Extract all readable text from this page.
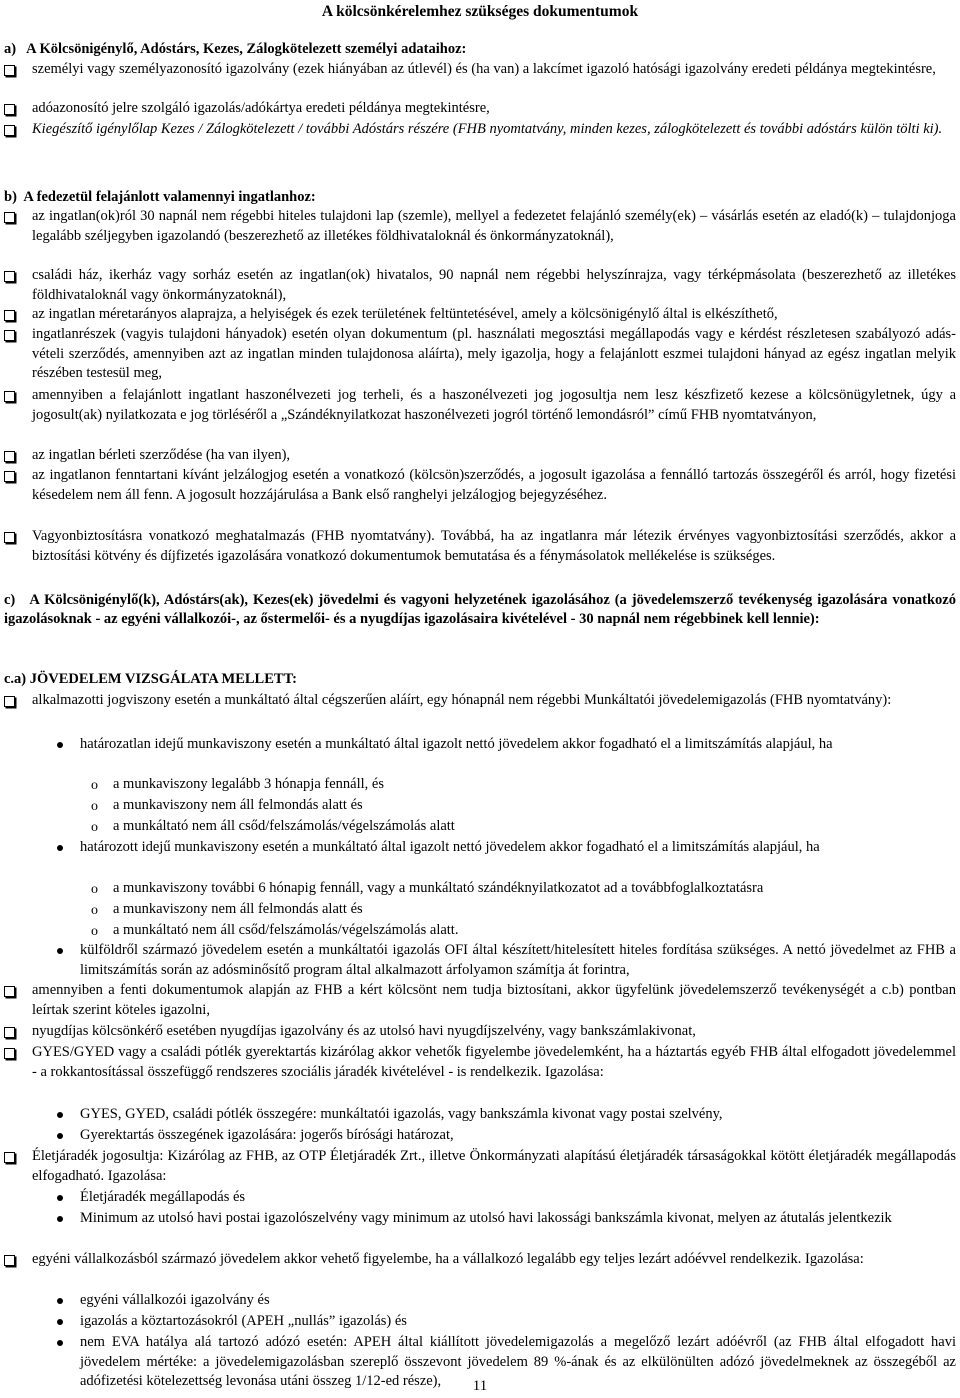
A kölcsönkérelemhez szükséges dokumentumok
a)   A Kölcsönigénylő, Adóstárs, Kezes, Zálogkötelezett személyi adataihoz:
személyi vagy személyazonosító igazolvány (ezek hiányában az útlevél) és (ha van) a lakcímet igazoló hatósági igazolvány eredeti példánya megtekintésre,
adóazonosító jelre szolgáló igazolás/adókártya eredeti példánya megtekintésre,
Kiegészítő igénylőlap Kezes / Zálogkötelezett / további Adóstárs részére (FHB nyomtatvány, minden kezes, zálogkötelezett és további adóstárs külön tölti ki).
b)  A fedezetül felajánlott valamennyi ingatlanhoz:
az ingatlan(ok)ról 30 napnál nem régebbi hiteles tulajdoni lap (szemle), mellyel a fedezetet felajánló személy(ek) – vásárlás esetén az eladó(k) – tulajdonjoga legalább széljegyben igazolandó (beszerezhető az illetékes földhivataloknál és önkormányzatoknál),
családi ház, ikerház vagy sorház esetén az ingatlan(ok) hivatalos, 90 napnál nem régebbi helyszínrajza, vagy térképmásolata (beszerezhető az illetékes földhivataloknál vagy önkormányzatoknál),
az ingatlan méretarányos alaprajza, a helyiségek és ezek területének feltüntetésével, amely a kölcsönigénylő által is elkészíthető,
ingatlanrészek (vagyis tulajdoni hányadok) esetén olyan dokumentum (pl. használati megosztási megállapodás vagy e kérdést részletesen szabályozó adás-vételi szerződés, amennyiben azt az ingatlan minden tulajdonosa aláírta), mely igazolja, hogy a felajánlott eszmei tulajdoni hányad az egész ingatlan melyik részében testesül meg,
amennyiben a felajánlott ingatlant haszonélvezeti jog terheli, és a haszonélvezeti jog jogosultja nem lesz készfizető kezese a kölcsönügyletnek, úgy a jogosult(ak) nyilatkozata e jog törléséről a „Szándéknyilatkozat haszonélvezeti jogról történő lemondásról” című FHB nyomtatványon,
az ingatlan bérleti szerződése (ha van ilyen),
az ingatlanon fenntartani kívánt jelzálogjog esetén a vonatkozó (kölcsön)szerződés, a jogosult igazolása a fennálló tartozás összegéről és arról, hogy fizetési késedelem nem áll fenn. A jogosult hozzájárulása a Bank első ranghelyi jelzálogjog bejegyzéséhez.
Vagyonbiztosításra vonatkozó meghatalmazás (FHB nyomtatvány). Továbbá, ha az ingatlanra már létezik érvényes vagyonbiztosítási szerződés, akkor a biztosítási kötvény és díjfizetés igazolására vonatkozó dokumentumok bemutatása és a fénymásolatok mellékelése is szükséges.
c)   A Kölcsönigénylő(k), Adóstárs(ak), Kezes(ek) jövedelmi és vagyoni helyzetének igazolásához (a jövedelemszerző tevékenység igazolására vonatkozó igazolásoknak - az egyéni vállalkozói-, az őstermelői- és a nyugdíjas igazolásaira kivételével - 30 napnál nem régebbinek kell lennie):
c.a) JÖVEDELEM VIZSGÁLATA MELLETT:
alkalmazotti jogviszony esetén a munkáltató által cégszerűen aláírt, egy hónapnál nem régebbi Munkáltatói jövedelemigazolás (FHB nyomtatvány):
határozatlan idejű munkaviszony esetén a munkáltató által igazolt nettó jövedelem akkor fogadható el a limitszámítás alapjául, ha
o a munkaviszony legalább 3 hónapja fennáll, és
o a munkaviszony nem áll felmondás alatt és
o a munkáltató nem áll csőd/felszámolás/végelszámolás alatt
határozott idejű munkaviszony esetén a munkáltató által igazolt nettó jövedelem akkor fogadható el a limitszámítás alapjául, ha
o a munkaviszony további 6 hónapig fennáll, vagy a munkáltató szándéknyilatkozatot ad a továbbfoglalkoztatásra
o a munkaviszony nem áll felmondás alatt és
o a munkáltató nem áll csőd/felszámolás/végelszámolás alatt.
külföldről származó jövedelem esetén a munkáltatói igazolás OFI által készített/hitelesített hiteles fordítása szükséges. A nettó jövedelmet az FHB a limitszámítás során az adósminősítő program által alkalmazott árfolyamon számítja át forintra,
amennyiben a fenti dokumentumok alapján az FHB a kért kölcsönt nem tudja biztosítani, akkor ügyfelünk jövedelemszerző tevékenységét a c.b) pontban leírtak szerint köteles igazolni,
nyugdíjas kölcsönkérő esetében nyugdíjas igazolvány és az utolsó havi nyugdíjszelvény, vagy bankszámlakivonat,
GYES/GYED vagy a családi pótlék gyerektartás kizárólag akkor vehetők figyelembe jövedelemként, ha a háztartás egyéb FHB által elfogadott jövedelemmel - a rokkantosítással összefüggő rendszeres szociális járadék kivételével - is rendelkezik. Igazolása:
GYES, GYED, családi pótlék összegére: munkáltatói igazolás, vagy bankszámla kivonat vagy postai szelvény,
Gyerektartás összegének igazolására: jogerős bírósági határozat,
Életjáradék jogosultja: Kizárólag az FHB, az OTP Életjáradék Zrt., illetve Önkormányzati alapítású életjáradék társaságokkal kötött életjáradék megállapodás elfogadható. Igazolása:
Életjáradék megállapodás és
Minimum az utolsó havi postai igazolószelvény vagy minimum az utolsó havi lakossági bankszámla kivonat, melyen az átutalás jelentkezik
egyéni vállalkozásból származó jövedelem akkor vehető figyelembe, ha a vállalkozó legalább egy teljes lezárt adóévvel rendelkezik. Igazolása:
egyéni vállalkozói igazolvány és
igazolás a köztartozásokról (APEH „nullás” igazolás) és
nem EVA hatálya alá tartozó adózó esetén: APEH által kiállított jövedelemigazolás a megelőző lezárt adóévről (az FHB által elfogadott havi jövedelem mértéke: a jövedelemigazolásban szereplő összevont jövedelem 89 %-ának és az elkülönülten adózó jövedelmeknek az összegéből az adófizetési kötelezettség levonása utáni összeg 1/12-ed része),	11
